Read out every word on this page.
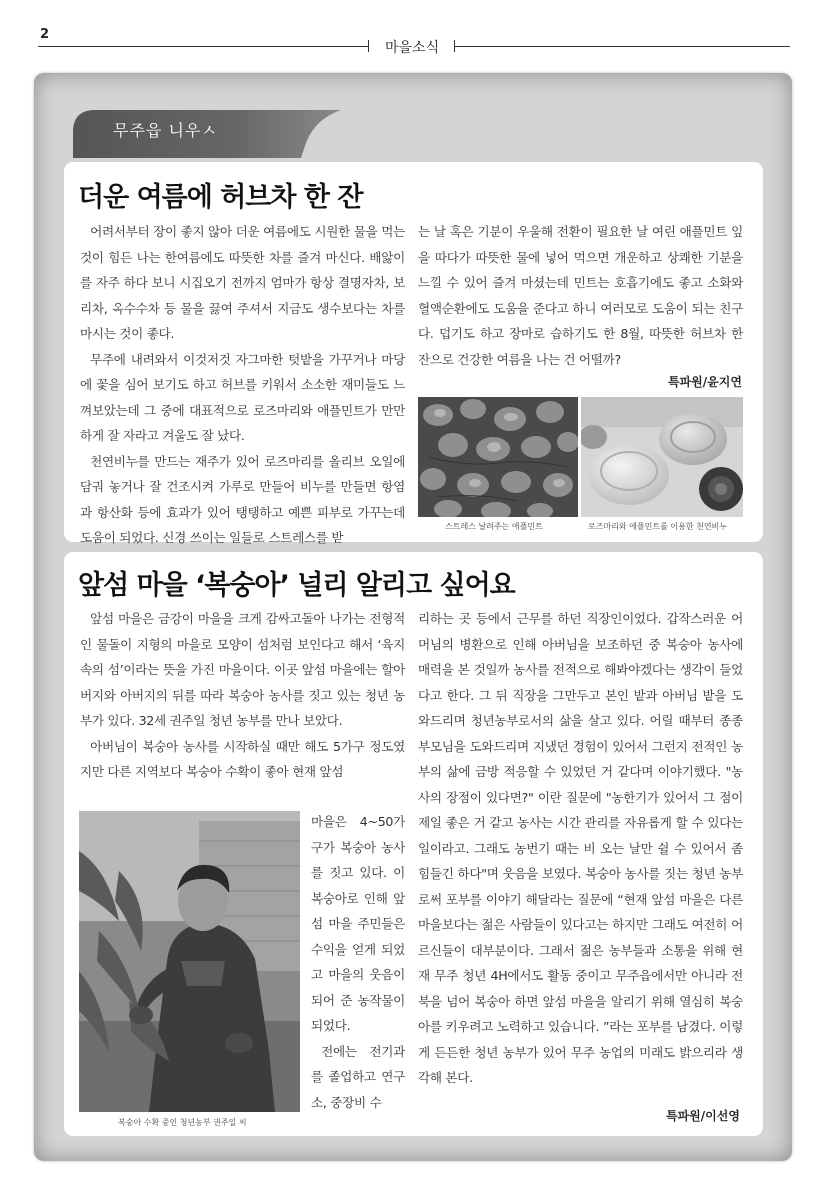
2
마을소식
무주읍 니우ㅅ
더운 여름에 허브차 한 잔

어려서부터 장이 좋지 않아 더운 여름에도 시원한 물을 먹는 것이 힘든 나는 한여름에도 따뜻한 차를 즐겨 마신다. 배앓이를 자주 하다 보니 시집오기 전까지 엄마가 항상 결명자차, 보리차, 옥수수차 등 물을 끓여 주셔서 지금도 생수보다는 차를 마시는 것이 좋다.

무주에 내려와서 이것저것 자그마한 텃밭을 가꾸거나 마당에 꽃을 심어 보기도 하고 허브를 키워서 소소한 재미들도 느껴보았는데 그 중에 대표적으로 로즈마리와 애플민트가 만만하게 잘 자라고 겨울도 잘 났다.

천연비누를 만드는 재주가 있어 로즈마리를 올리브 오일에 담궈 놓거나 잘 건조시켜 가루로 만들어 비누를 만들면 항염과 항산화 등에 효과가 있어 탱탱하고 예쁜 피부로 가꾸는데 도움이 되었다. 신경 쓰이는 일들로 스트레스를 받

는 날 혹은 기분이 우울해 전환이 필요한 날 여린 애플민트 잎을 따다가 따뜻한 물에 넣어 먹으면 개운하고 상쾌한 기분을 느낄 수 있어 즐겨 마셨는데 민트는 호흡기에도 좋고 소화와 혈액순환에도 도움을 준다고 하니 여러모로 도움이 되는 친구다. 덥기도 하고 장마로 습하기도 한 8월, 따뜻한 허브차 한 잔으로 건강한 여름을 나는 건 어떨까?

특파원/윤지연
스트레스 날려주는 애플민트	로즈마리와 애플민트를 이용한 천연비누
앞섬 마을 ‘복숭아’ 널리 알리고 싶어요

앞섬 마을은 금강이 마을을 크게 감싸고돌아 나가는 전형적인 물돌이 지형의 마을로 모양이 섬처럼 보인다고 해서 ‘육지 속의 섬’이라는 뜻을 가진 마을이다. 이곳 앞섬 마을에는 할아버지와 아버지의 뒤를 따라 복숭아 농사를 짓고 있는 청년 농부가 있다. 32세 권주일 청년 농부를 만나 보았다.

아버님이 복숭아 농사를 시작하실 때만 해도 5가구 정도였지만 다른 지역보다 복숭아 수확이 좋아 현재 앞섬

마을은 4~50가구가 복숭아 농사를 짓고 있다. 이 복숭아로 인해 앞섬 마을 주민들은 수익을 얻게 되었고 마을의 웃음이 되어 준 농작물이 되었다.

전에는 전기과를 졸업하고 연구소, 중장비 수

복숭아 수확 중인 청년농부 권주일 씨

리하는 곳 등에서 근무를 하던 직장인이었다. 갑작스러운 어머님의 병환으로 인해 아버님을 보조하던 중 복숭아 농사에 매력을 본 것일까 농사를 전적으로 해봐야겠다는 생각이 들었다고 한다. 그 뒤 직장을 그만두고 본인 밭과 아버님 밭을 도와드리며 청년농부로서의 삶을 살고 있다. 어릴 때부터 종종 부모님을 도와드리며 지냈던 경험이 있어서 그런지 전적인 농부의 삶에 금방 적응할 수 있었던 거 같다며 이야기했다. "농사의 장점이 있다면?" 이란 질문에 "농한기가 있어서 그 점이 제일 좋은 거 같고 농사는 시간 관리를 자유롭게 할 수 있다는 일이라고. 그래도 농번기 때는 비 오는 날만 쉴 수 있어서 좀 힘들긴 하다"며 웃음을 보였다. 복숭아 농사를 짓는 청년 농부로써 포부를 이야기 해달라는 질문에 “현재 앞섬 마을은 다른 마을보다는 젊은 사람들이 있다고는 하지만 그래도 여전히 어르신들이 대부분이다. 그래서 젊은 농부들과 소통을 위해 현재 무주 청년 4H에서도 활동 중이고 무주읍에서만 아니라 전북을 넘어 복숭아 하면 앞섬 마을을 알리기 위해 열심히 복숭아를 키우려고 노력하고 있습니다. ”라는 포부를 남겼다. 이렇게 든든한 청년 농부가 있어 무주 농업의 미래도 밝으리라 생각해 본다.

특파원/이선영
